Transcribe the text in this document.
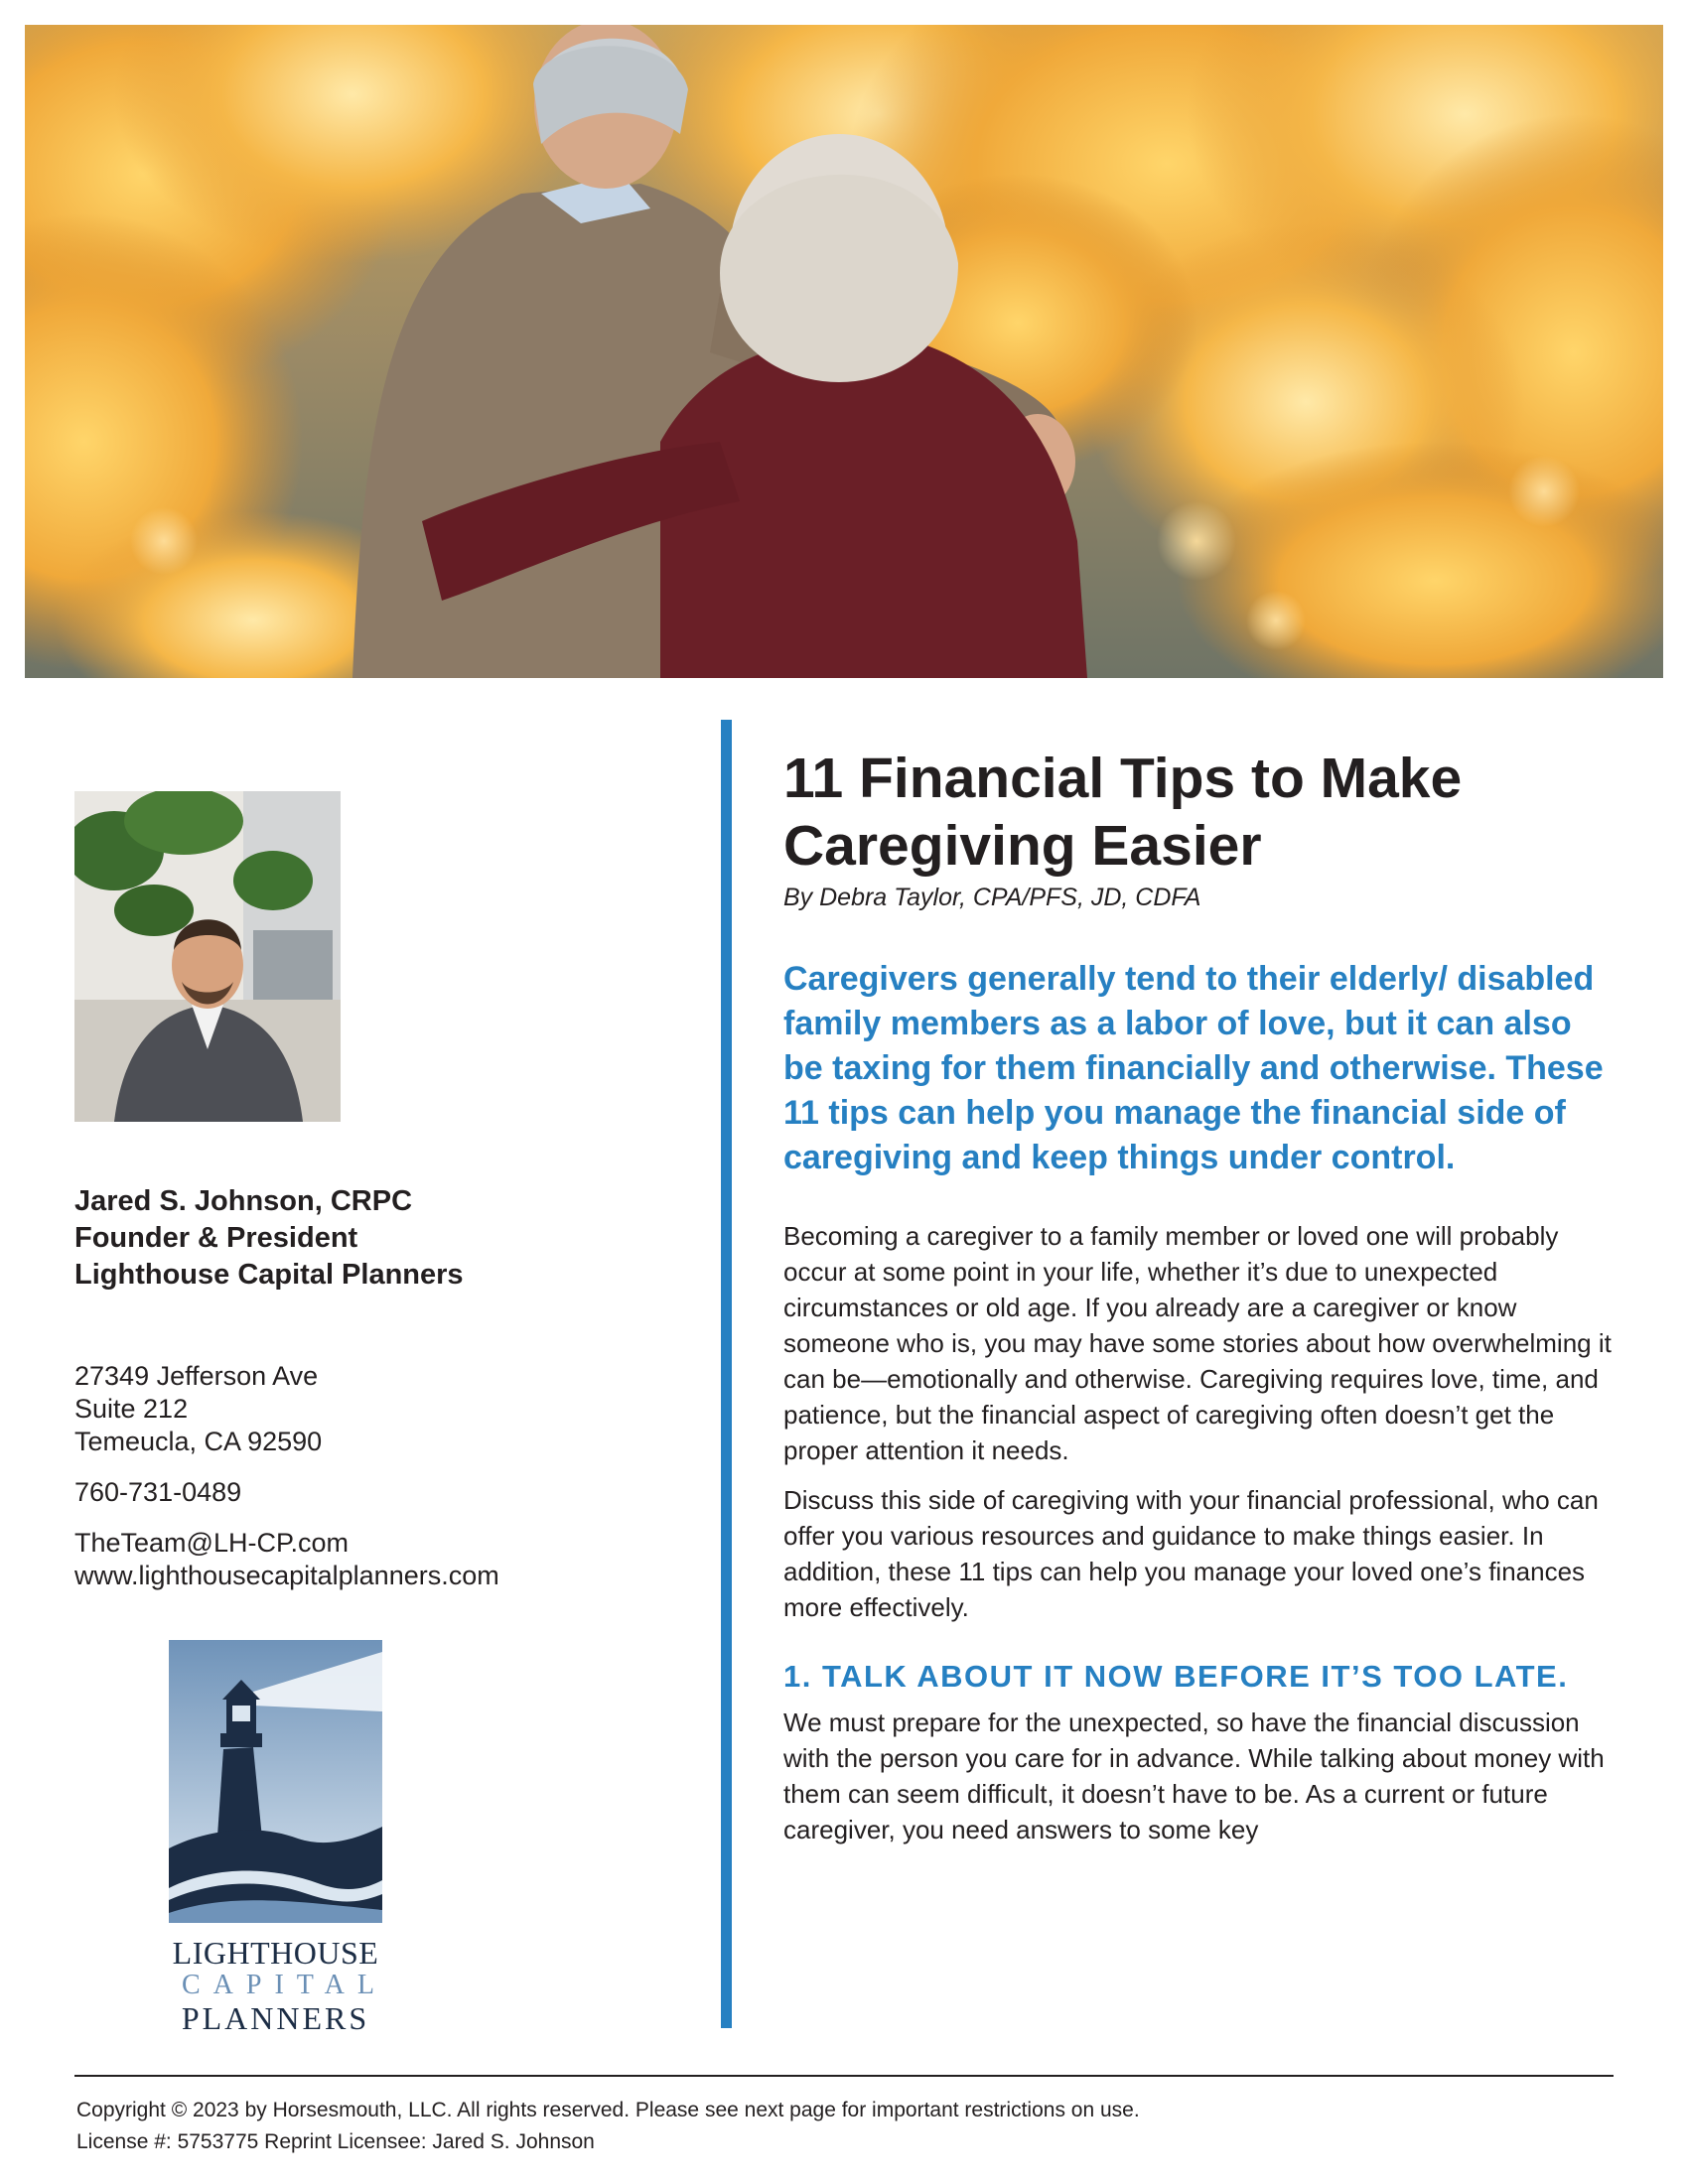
Jared S. Johnson, CRPC
Founder & President
Lighthouse Capital Planners
27349 Jefferson Ave
Suite 212
Temeucla, CA 92590
760-731-0489
TheTeam@LH-CP.com
www.lighthousecapitalplanners.com
LIGHTHOUSE
CAPITAL
PLANNERS
11 Financial Tips to Make Caregiving Easier
By Debra Taylor, CPA/PFS, JD, CDFA
Caregivers generally tend to their elderly/ disabled family members as a labor of love, but it can also be taxing for them financially and otherwise. These 11 tips can help you manage the financial side of caregiving and keep things under control.

Becoming a caregiver to a family member or loved one will probably occur at some point in your life, whether it’s due to unexpected circumstances or old age. If you already are a caregiver or know someone who is, you may have some stories about how overwhelming it can be—emotionally and otherwise. Caregiving requires love, time, and patience, but the financial aspect of caregiving often doesn’t get the proper attention it needs.

Discuss this side of caregiving with your financial professional, who can offer you various resources and guidance to make things easier. In addition, these 11 tips can help you manage your loved one’s finances more effectively.

1. TALK ABOUT IT NOW BEFORE IT’S TOO LATE.

We must prepare for the unexpected, so have the financial discussion with the person you care for in advance. While talking about money with them can seem difficult, it doesn’t have to be. As a current or future caregiver, you need answers to some key

Copyright © 2023 by Horsesmouth, LLC. All rights reserved. Please see next page for important restrictions on use.
License #: 5753775 Reprint Licensee: Jared S. Johnson
